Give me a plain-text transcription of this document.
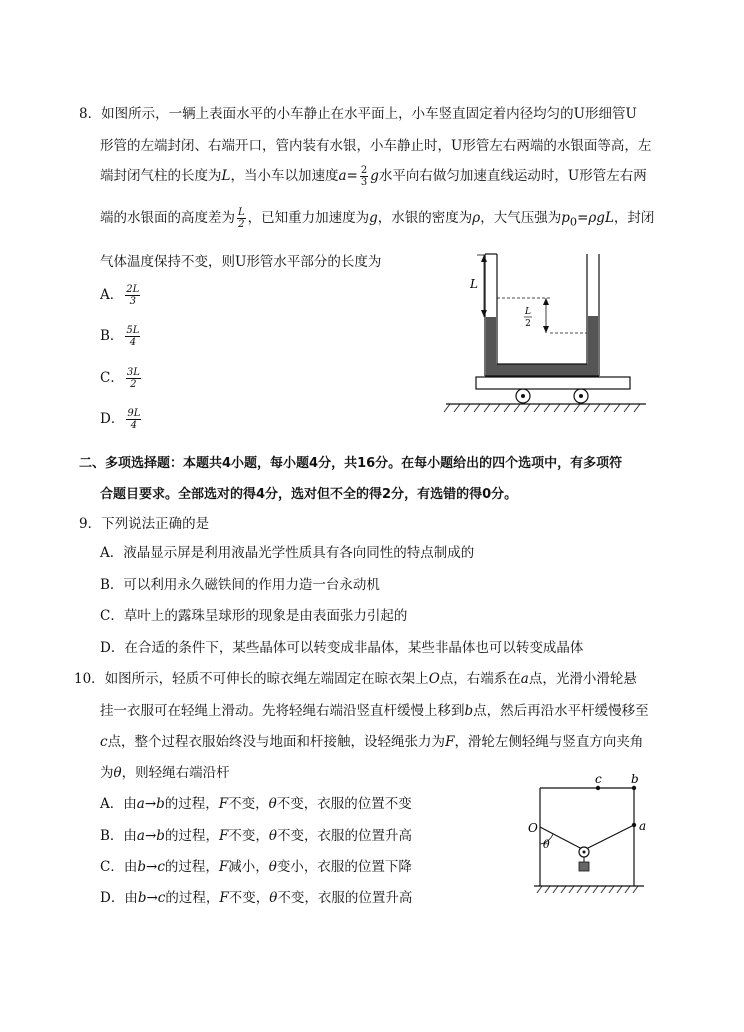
8．如图所示，一辆上表面水平的小车静止在水平面上，小车竖直固定着内径均匀的U形细管U
形管的左端封闭、右端开口，管内装有水银，小车静止时，U形管左右两端的水银面等高，左
端封闭气柱的长度为L，当小车以加速度$a= \frac{2}{3}$ g水平向右做匀加速直线运动时，U形管左右两
端的水银面的高度差为 $\frac{L}{2}$ ，已知重力加速度为g，水银的密度为ρ，大气压强为$p_0=\rho gL$，封闭
气体温度保持不变，则U形管水平部分的长度为
A． $\frac{2L}{3}$
B． $\frac{5L}{4}$
C． $\frac{3L}{2}$
D． $\frac{9L}{4}$
L
L
2
二、多项选择题：本题共4小题，每小题4分，共16分。在每小题给出的四个选项中，有多项符
合题目要求。全部选对的得4分，选对但不全的得2分，有选错的得0分。
9．下列说法正确的是
A．液晶显示屏是利用液晶光学性质具有各向同性的特点制成的
B．可以利用永久磁铁间的作用力造一台永动机
C．草叶上的露珠呈球形的现象是由表面张力引起的
D．在合适的条件下，某些晶体可以转变成非晶体，某些非晶体也可以转变成晶体
10．如图所示，轻质不可伸长的晾衣绳左端固定在晾衣架上O点，右端系在a点，光滑小滑轮悬
挂一衣服可在轻绳上滑动。先将轻绳右端沿竖直杆缓慢上移到b点，然后再沿水平杆缓慢移至
c点，整个过程衣服始终没与地面和杆接触，设轻绳张力为F，滑轮左侧轻绳与竖直方向夹角
为θ，则轻绳右端沿杆
A．由a→b的过程，F不变，θ不变，衣服的位置不变
B．由a→b的过程，F不变，θ不变，衣服的位置升高
C．由b→c的过程，F减小，θ变小，衣服的位置下降
D．由b→c的过程，F不变，θ不变，衣服的位置升高
c b
a
O
θ
